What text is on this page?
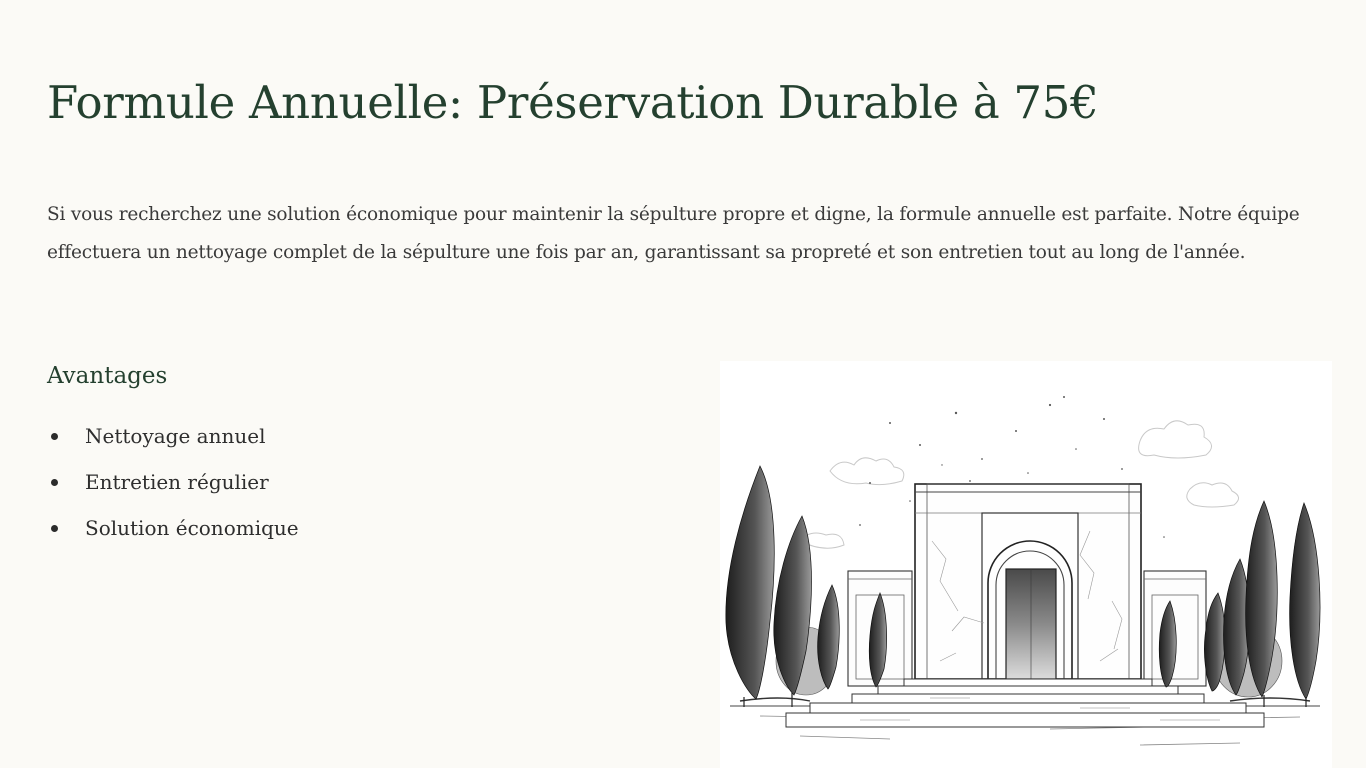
Formule Annuelle: Préservation Durable à 75€

Si vous recherchez une solution économique pour maintenir la sépulture propre et digne, la formule annuelle est parfaite. Notre équipe effectuera un nettoyage complet de la sépulture une fois par an, garantissant sa propreté et son entretien tout au long de l'année.

Avantages
Nettoyage annuel
Entretien régulier
Solution économique
